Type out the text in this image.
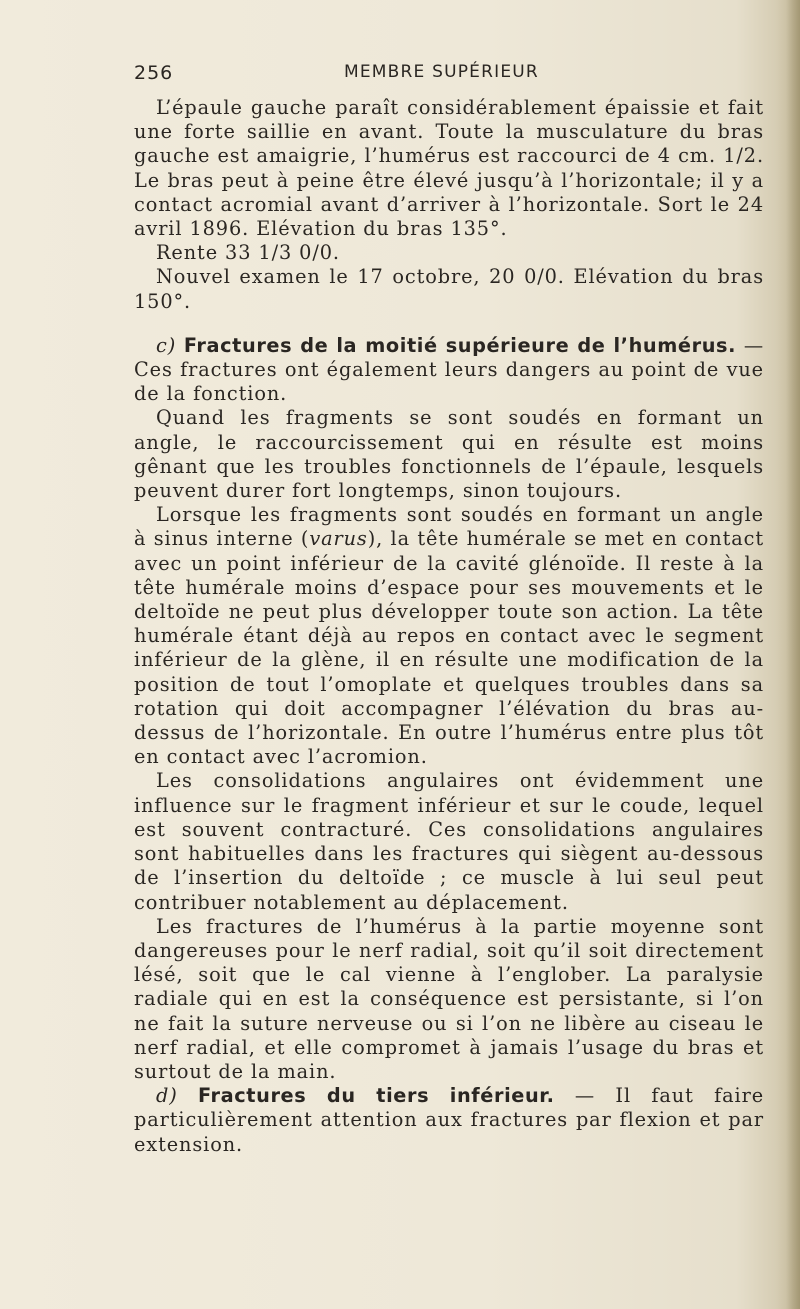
256	MEMBRE SUPÉRIEUR

L’épaule gauche paraît considérablement épaissie et fait une forte saillie en avant. Toute la musculature du bras gauche est amaigrie, l’humérus est raccourci de 4 cm. 1/2. Le bras peut à peine être élevé jusqu’à l’horizontale; il y a contact acromial avant d’arriver à l’horizontale. Sort le 24 avril 1896. Elévation du bras 135°.

Rente 33 1/3 0/0.

Nouvel examen le 17 octobre, 20 0/0. Elévation du bras 150°.

c) Fractures de la moitié supérieure de l’humérus. — Ces fractures ont également leurs dangers au point de vue de la fonction.

Quand les fragments se sont soudés en formant un angle, le raccourcissement qui en résulte est moins gênant que les troubles fonctionnels de l’épaule, lesquels peuvent durer fort longtemps, sinon toujours.

Lorsque les fragments sont soudés en formant un angle à sinus interne (varus), la tête humérale se met en contact avec un point inférieur de la cavité glénoïde. Il reste à la tête humérale moins d’espace pour ses mouvements et le deltoïde ne peut plus développer toute son action. La tête humérale étant déjà au repos en contact avec le segment inférieur de la glène, il en résulte une modification de la position de tout l’omoplate et quelques troubles dans sa rotation qui doit accompagner l’élévation du bras au-dessus de l’horizontale. En outre l’humérus entre plus tôt en contact avec l’acromion.

Les consolidations angulaires ont évidemment une influence sur le fragment inférieur et sur le coude, lequel est souvent contracturé. Ces consolidations angulaires sont habituelles dans les fractures qui siègent au-dessous de l’insertion du deltoïde ; ce muscle à lui seul peut contribuer notablement au déplacement.

Les fractures de l’humérus à la partie moyenne sont dangereuses pour le nerf radial, soit qu’il soit directement lésé, soit que le cal vienne à l’englober. La paralysie radiale qui en est la conséquence est persistante, si l’on ne fait la suture nerveuse ou si l’on ne libère au ciseau le nerf radial, et elle compromet à jamais l’usage du bras et surtout de la main.

d) Fractures du tiers inférieur. — Il faut faire particulièrement attention aux fractures par flexion et par extension.
